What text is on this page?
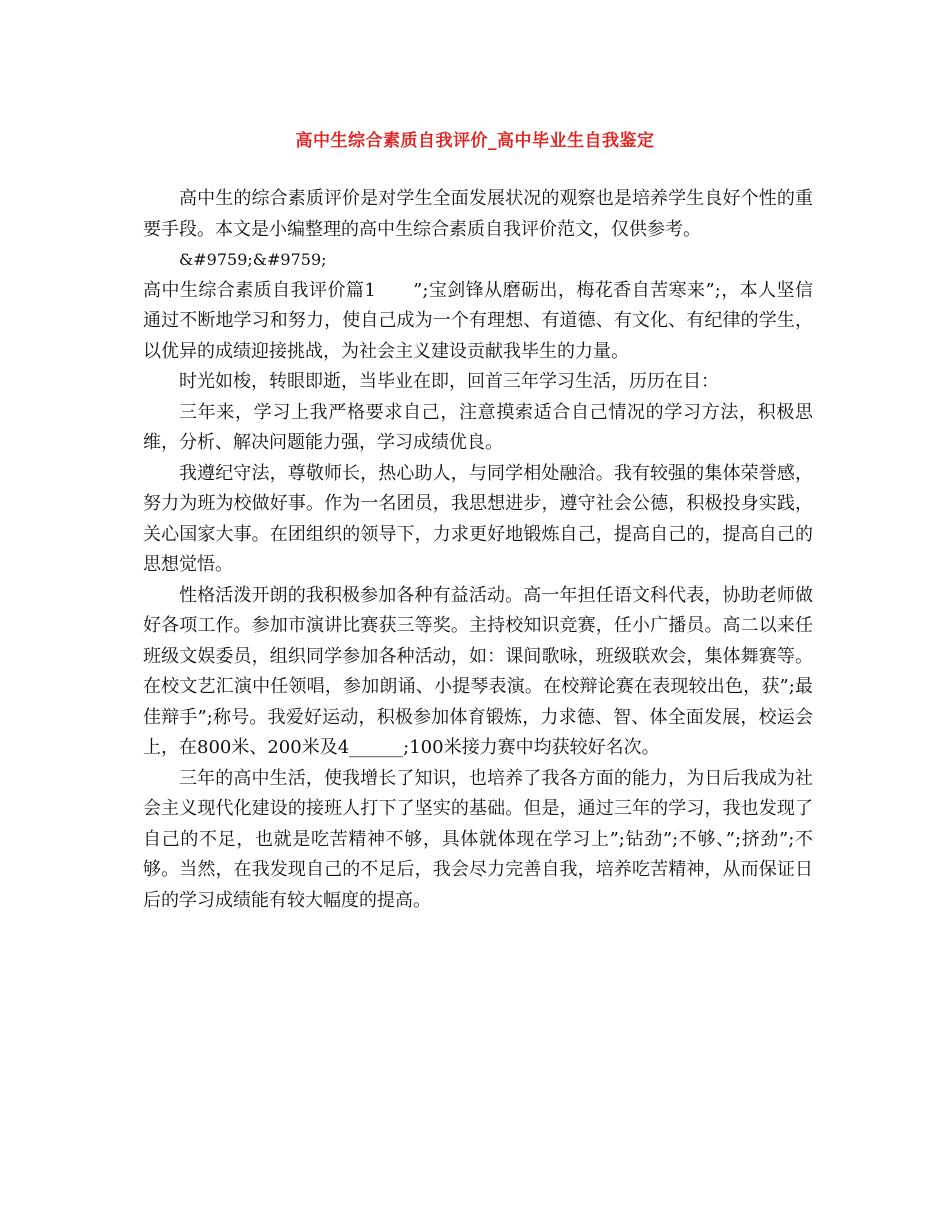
高中生综合素质自我评价_高中毕业生自我鉴定

高中生的综合素质评价是对学生全面发展状况的观察也是培养学生良好个性的重要手段。本文是小编整理的高中生综合素质自我评价范文，仅供参考。

&#9759;&#9759;

高中生综合素质自我评价篇1　　”;宝剑锋从磨砺出，梅花香自苦寒来”;，本人坚信通过不断地学习和努力，使自己成为一个有理想、有道德、有文化、有纪律的学生，以优异的成绩迎接挑战，为社会主义建设贡献我毕生的力量。

时光如梭，转眼即逝，当毕业在即，回首三年学习生活，历历在目：

三年来，学习上我严格要求自己，注意摸索适合自己情况的学习方法，积极思维，分析、解决问题能力强，学习成绩优良。

我遵纪守法，尊敬师长，热心助人，与同学相处融洽。我有较强的集体荣誉感，努力为班为校做好事。作为一名团员，我思想进步，遵守社会公德，积极投身实践，关心国家大事。在团组织的领导下，力求更好地锻炼自己，提高自己的，提高自己的思想觉悟。

性格活泼开朗的我积极参加各种有益活动。高一年担任语文科代表，协助老师做好各项工作。参加市演讲比赛获三等奖。主持校知识竞赛，任小广播员。高二以来任班级文娱委员，组织同学参加各种活动，如：课间歌咏，班级联欢会，集体舞赛等。在校文艺汇演中任领唱，参加朗诵、小提琴表演。在校辩论赛在表现较出色，获”;最佳辩手”;称号。我爱好运动，积极参加体育锻炼，力求德、智、体全面发展，校运会上，在800米、200米及4______;100米接力赛中均获较好名次。

三年的高中生活，使我增长了知识，也培养了我各方面的能力，为日后我成为社会主义现代化建设的接班人打下了坚实的基础。但是，通过三年的学习，我也发现了自己的不足，也就是吃苦精神不够，具体就体现在学习上”;钻劲”;不够、”;挤劲”;不够。当然，在我发现自己的不足后，我会尽力完善自我，培养吃苦精神，从而保证日后的学习成绩能有较大幅度的提高。
